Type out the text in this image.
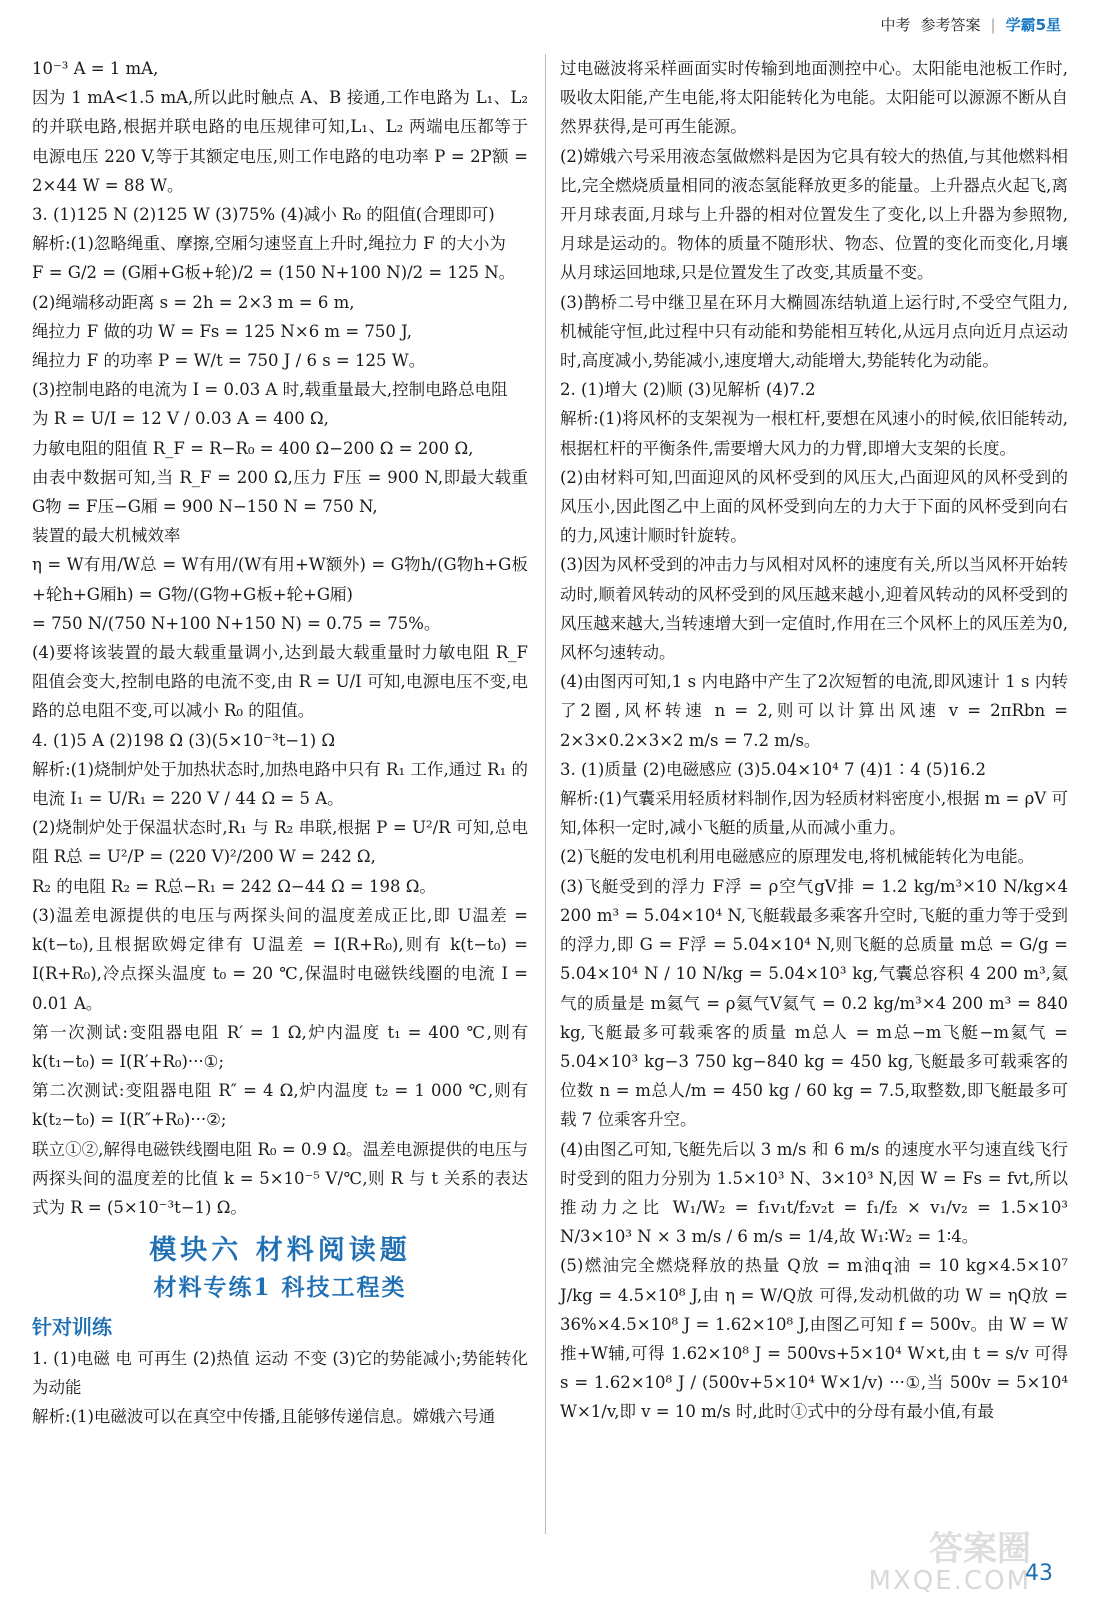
中考 参考答案 | 学霸5星

10⁻³ A = 1 mA,

因为 1 mA<1.5 mA,所以此时触点 A、B 接通,工作电路为 L₁、L₂ 的并联电路,根据并联电路的电压规律可知,L₁、L₂ 两端电压都等于电源电压 220 V,等于其额定电压,则工作电路的电功率 P = 2P额 = 2×44 W = 88 W。

3. (1)125 N (2)125 W (3)75% (4)减小 R₀ 的阻值(合理即可)

解析:(1)忽略绳重、摩擦,空厢匀速竖直上升时,绳拉力 F 的大小为

F = G/2 = (G厢+G板+轮)/2 = (150 N+100 N)/2 = 125 N。

(2)绳端移动距离 s = 2h = 2×3 m = 6 m,

绳拉力 F 做的功 W = Fs = 125 N×6 m = 750 J,

绳拉力 F 的功率 P = W/t = 750 J / 6 s = 125 W。

(3)控制电路的电流为 I = 0.03 A 时,载重量最大,控制电路总电阻

为 R = U/I = 12 V / 0.03 A = 400 Ω,

力敏电阻的阻值 R_F = R−R₀ = 400 Ω−200 Ω = 200 Ω,

由表中数据可知,当 R_F = 200 Ω,压力 F压 = 900 N,即最大载重 G物 = F压−G厢 = 900 N−150 N = 750 N,

装置的最大机械效率

η = W有用/W总 = W有用/(W有用+W额外) = G物h/(G物h+G板+轮h+G厢h) = G物/(G物+G板+轮+G厢)

= 750 N/(750 N+100 N+150 N) = 0.75 = 75%。

(4)要将该装置的最大载重量调小,达到最大载重量时力敏电阻 R_F 阻值会变大,控制电路的电流不变,由 R = U/I 可知,电源电压不变,电路的总电阻不变,可以减小 R₀ 的阻值。

4. (1)5 A (2)198 Ω (3)(5×10⁻³t−1) Ω

解析:(1)烧制炉处于加热状态时,加热电路中只有 R₁ 工作,通过 R₁ 的电流 I₁ = U/R₁ = 220 V / 44 Ω = 5 A。

(2)烧制炉处于保温状态时,R₁ 与 R₂ 串联,根据 P = U²/R 可知,总电阻 R总 = U²/P = (220 V)²/200 W = 242 Ω,

R₂ 的电阻 R₂ = R总−R₁ = 242 Ω−44 Ω = 198 Ω。

(3)温差电源提供的电压与两探头间的温度差成正比,即 U温差 = k(t−t₀),且根据欧姆定律有 U温差 = I(R+R₀),则有 k(t−t₀) = I(R+R₀),冷点探头温度 t₀ = 20 ℃,保温时电磁铁线圈的电流 I = 0.01 A。

第一次测试:变阻器电阻 R′ = 1 Ω,炉内温度 t₁ = 400 ℃,则有 k(t₁−t₀) = I(R′+R₀)···①;

第二次测试:变阻器电阻 R″ = 4 Ω,炉内温度 t₂ = 1 000 ℃,则有 k(t₂−t₀) = I(R″+R₀)···②;

联立①②,解得电磁铁线圈电阻 R₀ = 0.9 Ω。温差电源提供的电压与两探头间的温度差的比值 k = 5×10⁻⁵ V/℃,则 R 与 t 关系的表达式为 R = (5×10⁻³t−1) Ω。

模块六 材料阅读题
材料专练1 科技工程类
针对训练

1. (1)电磁 电 可再生 (2)热值 运动 不变 (3)它的势能减小;势能转化为动能

解析:(1)电磁波可以在真空中传播,且能够传递信息。嫦娥六号通

过电磁波将采样画面实时传输到地面测控中心。太阳能电池板工作时,吸收太阳能,产生电能,将太阳能转化为电能。太阳能可以源源不断从自然界获得,是可再生能源。

(2)嫦娥六号采用液态氢做燃料是因为它具有较大的热值,与其他燃料相比,完全燃烧质量相同的液态氢能释放更多的能量。上升器点火起飞,离开月球表面,月球与上升器的相对位置发生了变化,以上升器为参照物,月球是运动的。物体的质量不随形状、物态、位置的变化而变化,月壤从月球运回地球,只是位置发生了改变,其质量不变。

(3)鹊桥二号中继卫星在环月大椭圆冻结轨道上运行时,不受空气阻力,机械能守恒,此过程中只有动能和势能相互转化,从远月点向近月点运动时,高度减小,势能减小,速度增大,动能增大,势能转化为动能。

2. (1)增大 (2)顺 (3)见解析 (4)7.2

解析:(1)将风杯的支架视为一根杠杆,要想在风速小的时候,依旧能转动,根据杠杆的平衡条件,需要增大风力的力臂,即增大支架的长度。

(2)由材料可知,凹面迎风的风杯受到的风压大,凸面迎风的风杯受到的风压小,因此图乙中上面的风杯受到向左的力大于下面的风杯受到向右的力,风速计顺时针旋转。

(3)因为风杯受到的冲击力与风相对风杯的速度有关,所以当风杯开始转动时,顺着风转动的风杯受到的风压越来越小,迎着风转动的风杯受到的风压越来越大,当转速增大到一定值时,作用在三个风杯上的风压差为0,风杯匀速转动。

(4)由图丙可知,1 s 内电路中产生了2次短暂的电流,即风速计 1 s 内转了2圈,风杯转速 n = 2,则可以计算出风速 v = 2πRbn = 2×3×0.2×3×2 m/s = 7.2 m/s。

3. (1)质量 (2)电磁感应 (3)5.04×10⁴ 7 (4)1∶4 (5)16.2

解析:(1)气囊采用轻质材料制作,因为轻质材料密度小,根据 m = ρV 可知,体积一定时,减小飞艇的质量,从而减小重力。

(2)飞艇的发电机利用电磁感应的原理发电,将机械能转化为电能。

(3)飞艇受到的浮力 F浮 = ρ空气gV排 = 1.2 kg/m³×10 N/kg×4 200 m³ = 5.04×10⁴ N,飞艇载最多乘客升空时,飞艇的重力等于受到的浮力,即 G = F浮 = 5.04×10⁴ N,则飞艇的总质量 m总 = G/g = 5.04×10⁴ N / 10 N/kg = 5.04×10³ kg,气囊总容积 4 200 m³,氦气的质量是 m氦气 = ρ氦气V氦气 = 0.2 kg/m³×4 200 m³ = 840 kg,飞艇最多可载乘客的质量 m总人 = m总−m飞艇−m氦气 = 5.04×10³ kg−3 750 kg−840 kg = 450 kg,飞艇最多可载乘客的位数 n = m总人/m = 450 kg / 60 kg = 7.5,取整数,即飞艇最多可载 7 位乘客升空。

(4)由图乙可知,飞艇先后以 3 m/s 和 6 m/s 的速度水平匀速直线飞行时受到的阻力分别为 1.5×10³ N、3×10³ N,因 W = Fs = fvt,所以推动力之比 W₁/W₂ = f₁v₁t/f₂v₂t = f₁/f₂ × v₁/v₂ = 1.5×10³ N/3×10³ N × 3 m/s / 6 m/s = 1/4,故 W₁∶W₂ = 1∶4。

(5)燃油完全燃烧释放的热量 Q放 = m油q油 = 10 kg×4.5×10⁷ J/kg = 4.5×10⁸ J,由 η = W/Q放 可得,发动机做的功 W = ηQ放 = 36%×4.5×10⁸ J = 1.62×10⁸ J,由图乙可知 f = 500v。由 W = W推+W辅,可得 1.62×10⁸ J = 500vs+5×10⁴ W×t,由 t = s/v 可得 s = 1.62×10⁸ J / (500v+5×10⁴ W×1/v) ···①,当 500v = 5×10⁴ W×1/v,即 v = 10 m/s 时,此时①式中的分母有最小值,有最

答案圈
MXQE.COM
43
